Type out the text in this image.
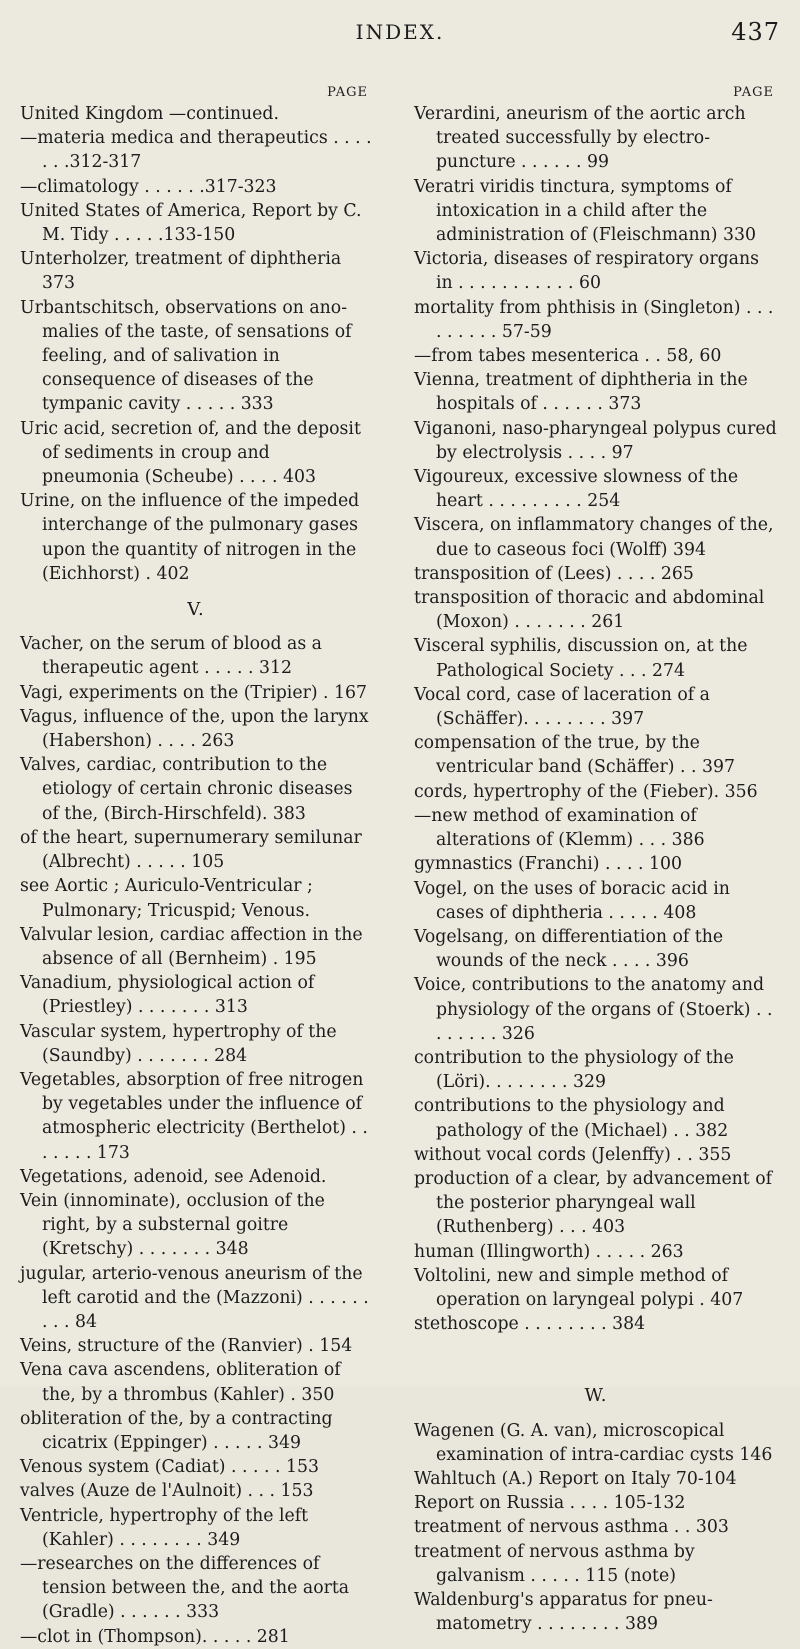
INDEX.	437
PAGE
United Kingdom —continued.
—materia medica and therapeutics . . . . . . .312-317
—climatology . . . . . .317-323
United States of America, Report by C. M. Tidy . . . . .133-150
Unterholzer, treatment of diphtheria 373
Urbantschitsch, observations on anomalies of the taste, of sensations of feeling, and of salivation in consequence of diseases of the tympanic cavity . . . . . 333
Uric acid, secretion of, and the deposit of sediments in croup and pneumonia (Scheube) . . . . 403
Urine, on the influence of the impeded interchange of the pulmonary gases upon the quantity of nitrogen in the (Eichhorst) . 402
V.
Vacher, on the serum of blood as a therapeutic agent . . . . . 312
Vagi, experiments on the (Tripier) . 167
Vagus, influence of the, upon the larynx (Habershon) . . . . 263
Valves, cardiac, contribution to the etiology of certain chronic diseases of the, (Birch-Hirschfeld). 383
of the heart, supernumerary semilunar (Albrecht) . . . . . 105
see Aortic ; Auriculo-Ventricular ; Pulmonary; Tricuspid; Venous.
Valvular lesion, cardiac affection in the absence of all (Bernheim) . 195
Vanadium, physiological action of (Priestley) . . . . . . . 313
Vascular system, hypertrophy of the (Saundby) . . . . . . . 284
Vegetables, absorption of free nitrogen by vegetables under the influence of atmospheric electricity (Berthelot) . . . . . . . 173
Vegetations, adenoid, see Adenoid.
Vein (innominate), occlusion of the right, by a substernal goitre (Kretschy) . . . . . . . 348
jugular, arterio-venous aneurism of the left carotid and the (Mazzoni) . . . . . . . . . 84
Veins, structure of the (Ranvier) . 154
Vena cava ascendens, obliteration of the, by a thrombus (Kahler) . 350
obliteration of the, by a contracting cicatrix (Eppinger) . . . . . 349
Venous system (Cadiat) . . . . . 153
valves (Auze de l'Aulnoit) . . . 153
Ventricle, hypertrophy of the left (Kahler) . . . . . . . . 349
—researches on the differences of tension between the, and the aorta (Gradle) . . . . . . 333
—clot in (Thompson). . . . . 281
PAGE
Verardini, aneurism of the aortic arch treated successfully by electro-puncture . . . . . . 99
Veratri viridis tinctura, symptoms of intoxication in a child after the administration of (Fleischmann) 330
Victoria, diseases of respiratory organs in . . . . . . . . . . . 60
mortality from phthisis in (Singleton) . . . . . . . . . 57-59
—from tabes mesenterica . . 58, 60
Vienna, treatment of diphtheria in the hospitals of . . . . . . 373
Viganoni, naso-pharyngeal polypus cured by electrolysis . . . . 97
Vigoureux, excessive slowness of the heart . . . . . . . . . 254
Viscera, on inflammatory changes of the, due to caseous foci (Wolff) 394
transposition of (Lees) . . . . 265
transposition of thoracic and abdominal (Moxon) . . . . . . . 261
Visceral syphilis, discussion on, at the Pathological Society . . . 274
Vocal cord, case of laceration of a (Schäffer). . . . . . . . 397
compensation of the true, by the ventricular band (Schäffer) . . 397
cords, hypertrophy of the (Fieber). 356
—new method of examination of alterations of (Klemm) . . . 386
gymnastics (Franchi) . . . . 100
Vogel, on the uses of boracic acid in cases of diphtheria . . . . . 408
Vogelsang, on differentiation of the wounds of the neck . . . . 396
Voice, contributions to the anatomy and physiology of the organs of (Stoerk) . . . . . . . . 326
contribution to the physiology of the (Löri). . . . . . . . 329
contributions to the physiology and pathology of the (Michael) . . 382
without vocal cords (Jelenffy) . . 355
production of a clear, by advancement of the posterior pharyngeal wall (Ruthenberg) . . . 403
human (Illingworth) . . . . . 263
Voltolini, new and simple method of operation on laryngeal polypi . 407
stethoscope . . . . . . . . 384
W.
Wagenen (G. A. van), microscopical examination of intra-cardiac cysts 146
Wahltuch (A.) Report on Italy 70-104
Report on Russia . . . . 105-132
treatment of nervous asthma . . 303
treatment of nervous asthma by galvanism . . . . . 115 (note)
Waldenburg's apparatus for pneumatometry . . . . . . . . 389
